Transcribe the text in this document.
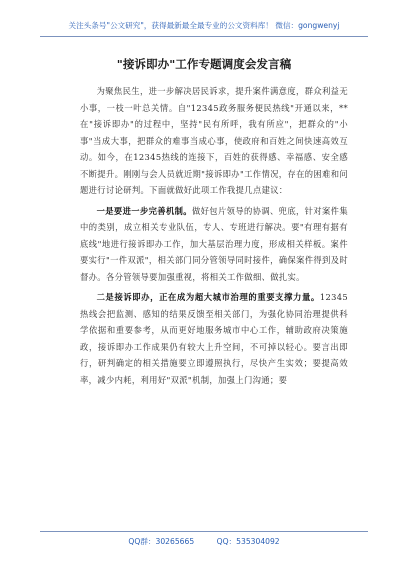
关注头条号"公文研究"，获得最新最全最专业的公文资料库！ 微信：gongwenyj
"接诉即办"工作专题调度会发言稿

为聚焦民生，进一步解决居民诉求，提升案件满意度，群众利益无小事，一枝一叶总关情。自"12345政务服务便民热线"开通以来，**在"接诉即办"的过程中，坚持"民有所呼，我有所应"，把群众的"小事"当成大事，把群众的难事当成心事，使政府和百姓之间快速高效互动。如今，在12345热线的连接下，百姓的获得感、幸福感、安全感不断提升。刚刚与会人员就近期"接诉即办"工作情况，存在的困难和问题进行讨论研判。下面就做好此项工作我提几点建议：

一是要进一步完善机制。做好包片领导的协调、兜底，针对案件集中的类别，成立相关专业队伍，专人、专班进行解决。要"有理有据有底线"地进行接诉即办工作，加大基层治理力度，形成相关样板。案件要实行"一件双派"，相关部门同分管领导同时接件，确保案件得到及时督办。各分管领导要加强重视，将相关工作做细、做扎实。

二是接诉即办，正在成为超大城市治理的重要支撑力量。12345热线会把监测、感知的结果反馈至相关部门，为强化协同治理提供科学依据和重要参考，从而更好地服务城市中心工作，辅助政府决策施政，接诉即办工作成果仍有较大上升空间，不可掉以轻心。要言出即行，研判确定的相关措施要立即遵照执行，尽快产生实效；要提高效率，减少内耗，利用好"双派"机制，加强上门沟通；要

QQ群：30265665	QQ：535304092
